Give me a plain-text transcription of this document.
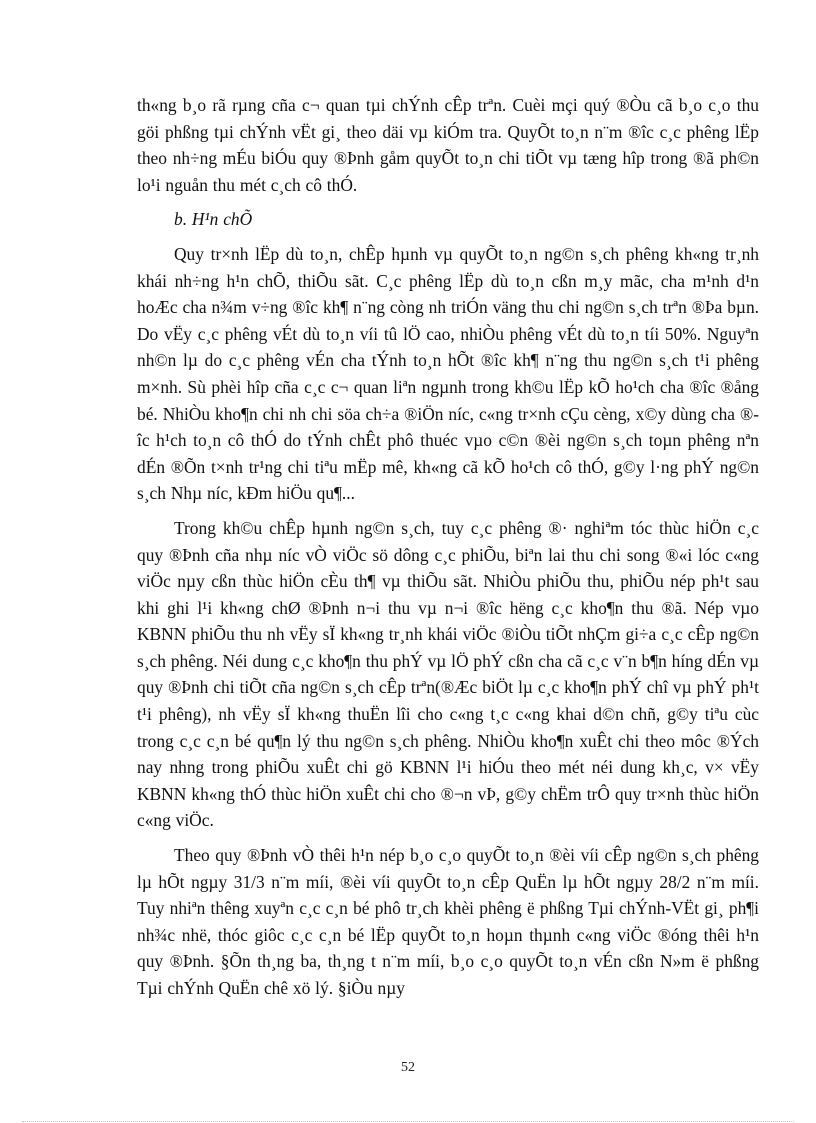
th«ng b¸o rã rµng cña c¬ quan tµi chÝnh cÊp trªn. Cuèi mçi quý ®Òu cã b¸o c¸o thu göi phßng tµi chÝnh vËt gi¸ theo däi vµ kiÓm tra. QuyÕt to¸n n¨m ®îc c¸c phêng lËp theo nh÷ng mÉu biÓu quy ®Þnh gåm quyÕt to¸n chi tiÕt vµ tæng hîp trong ®ã ph©n lo¹i nguån thu mét c¸ch cô thÓ.

b. H¹n chÕ

Quy tr×nh lËp dù to¸n, chÊp hµnh vµ quyÕt to¸n ng©n s¸ch phêng kh«ng tr¸nh khái nh÷ng h¹n chÕ, thiÕu sãt. C¸c phêng lËp dù to¸n cßn m¸y mãc, cha m¹nh d¹n hoÆc cha n¾m v÷ng ®îc kh¶ n¨ng còng nh triÓn väng thu chi ng©n s¸ch trªn ®Þa bµn. Do vËy c¸c phêng vÉt dù to¸n víi tû lÖ cao, nhiÒu phêng vÉt dù to¸n tíi 50%. Nguyªn nh©n lµ do c¸c phêng vÉn cha tÝnh to¸n hÕt ®îc kh¶ n¨ng thu ng©n s¸ch t¹i phêng m×nh. Sù phèi hîp cña c¸c c¬ quan liªn ngµnh trong kh©u lËp kÕ ho¹ch cha ®îc ®ång bé. NhiÒu kho¶n chi nh chi söa ch÷a ®iÖn níc, c«ng tr×nh cÇu cèng, x©y dùng cha ®îc h¹ch to¸n cô thÓ do tÝnh chÊt phô thuéc vµo c©n ®èi ng©n s¸ch toµn phêng nªn dÉn ®Õn t×nh tr¹ng chi tiªu mËp mê, kh«ng cã kÕ ho¹ch cô thÓ, g©y l·ng phÝ ng©n s¸ch Nhµ níc, kÐm hiÖu qu¶...

Trong kh©u chÊp hµnh ng©n s¸ch, tuy c¸c phêng ®· nghiªm tóc thùc hiÖn c¸c quy ®Þnh cña nhµ níc vÒ viÖc sö dông c¸c phiÕu, biªn lai thu chi song ®«i lóc c«ng viÖc nµy cßn thùc hiÖn cÈu th¶ vµ thiÕu sãt. NhiÒu phiÕu thu, phiÕu nép ph¹t sau khi ghi l¹i kh«ng chØ ®Þnh n¬i thu vµ n¬i ®îc hëng c¸c kho¶n thu ®ã. Nép vµo KBNN phiÕu thu nh vËy sÏ kh«ng tr¸nh khái viÖc ®iÒu tiÕt nhÇm gi÷a c¸c cÊp ng©n s¸ch phêng. Néi dung c¸c kho¶n thu phÝ vµ lÖ phÝ cßn cha cã c¸c v¨n b¶n híng dÉn vµ quy ®Þnh chi tiÕt cña ng©n s¸ch cÊp trªn(®Æc biÖt lµ c¸c kho¶n phÝ chî vµ phÝ ph¹t t¹i phêng), nh vËy sÏ kh«ng thuËn lîi cho c«ng t¸c c«ng khai d©n chñ, g©y tiªu cùc trong c¸c c¸n bé qu¶n lý thu ng©n s¸ch phêng. NhiÒu kho¶n xuÊt chi theo môc ®Ých nay nhng trong phiÕu xuÊt chi gö KBNN l¹i hiÓu theo mét néi dung kh¸c, v× vËy KBNN kh«ng thÓ thùc hiÖn xuÊt chi cho ®¬n vÞ, g©y chËm trÔ quy tr×nh thùc hiÖn c«ng viÖc.

Theo quy ®Þnh vÒ thêi h¹n nép b¸o c¸o quyÕt to¸n ®èi víi cÊp ng©n s¸ch phêng lµ hÕt ngµy 31/3 n¨m míi, ®èi víi quyÕt to¸n cÊp QuËn lµ hÕt ngµy 28/2 n¨m míi. Tuy nhiªn thêng xuyªn c¸c c¸n bé phô tr¸ch khèi phêng ë phßng Tµi chÝnh-VËt gi¸ ph¶i nh¾c nhë, thóc giôc c¸c c¸n bé lËp quyÕt to¸n hoµn thµnh c«ng viÖc ®óng thêi h¹n quy ®Þnh. §Õn th¸ng ba, th¸ng t n¨m míi, b¸o c¸o quyÕt to¸n vÉn cßn N»m ë phßng Tµi chÝnh QuËn chê xö lý. §iÒu nµy

52
